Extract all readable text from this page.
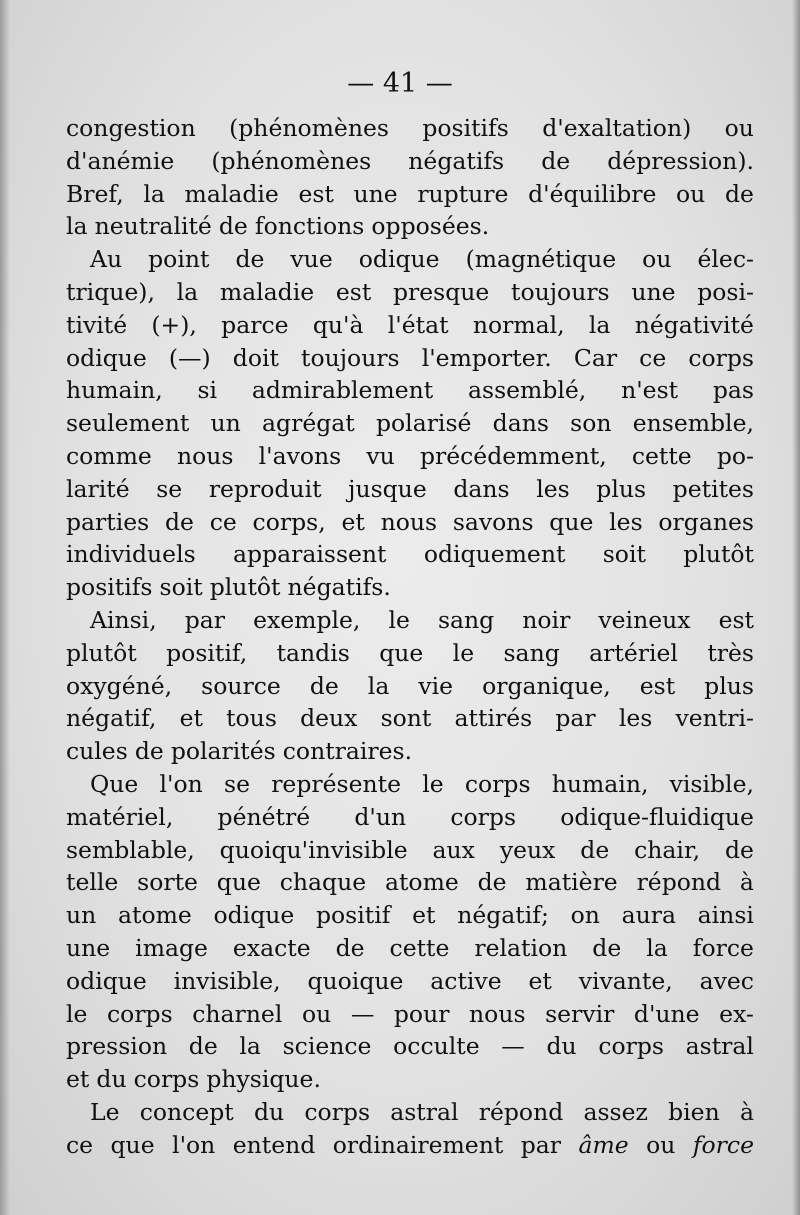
— 41 —
congestion (phénomènes positifs d'exaltation) ou
d'anémie (phénomènes négatifs de dépression).
Bref, la maladie est une rupture d'équilibre ou de
la neutralité de fonctions opposées.
Au point de vue odique (magnétique ou élec-
trique), la maladie est presque toujours une posi-
tivité (+), parce qu'à l'état normal, la négativité
odique (—) doit toujours l'emporter. Car ce corps
humain, si admirablement assemblé, n'est pas
seulement un agrégat polarisé dans son ensemble,
comme nous l'avons vu précédemment, cette po-
larité se reproduit jusque dans les plus petites
parties de ce corps, et nous savons que les organes
individuels apparaissent odiquement soit plutôt
positifs soit plutôt négatifs.
Ainsi, par exemple, le sang noir veineux est
plutôt positif, tandis que le sang artériel très
oxygéné, source de la vie organique, est plus
négatif, et tous deux sont attirés par les ventri-
cules de polarités contraires.
Que l'on se représente le corps humain, visible,
matériel, pénétré d'un corps odique-fluidique
semblable, quoiqu'invisible aux yeux de chair, de
telle sorte que chaque atome de matière répond à
un atome odique positif et négatif; on aura ainsi
une image exacte de cette relation de la force
odique invisible, quoique active et vivante, avec
le corps charnel ou — pour nous servir d'une ex-
pression de la science occulte — du corps astral
et du corps physique.
Le concept du corps astral répond assez bien à
ce que l'on entend ordinairement par âme ou force
